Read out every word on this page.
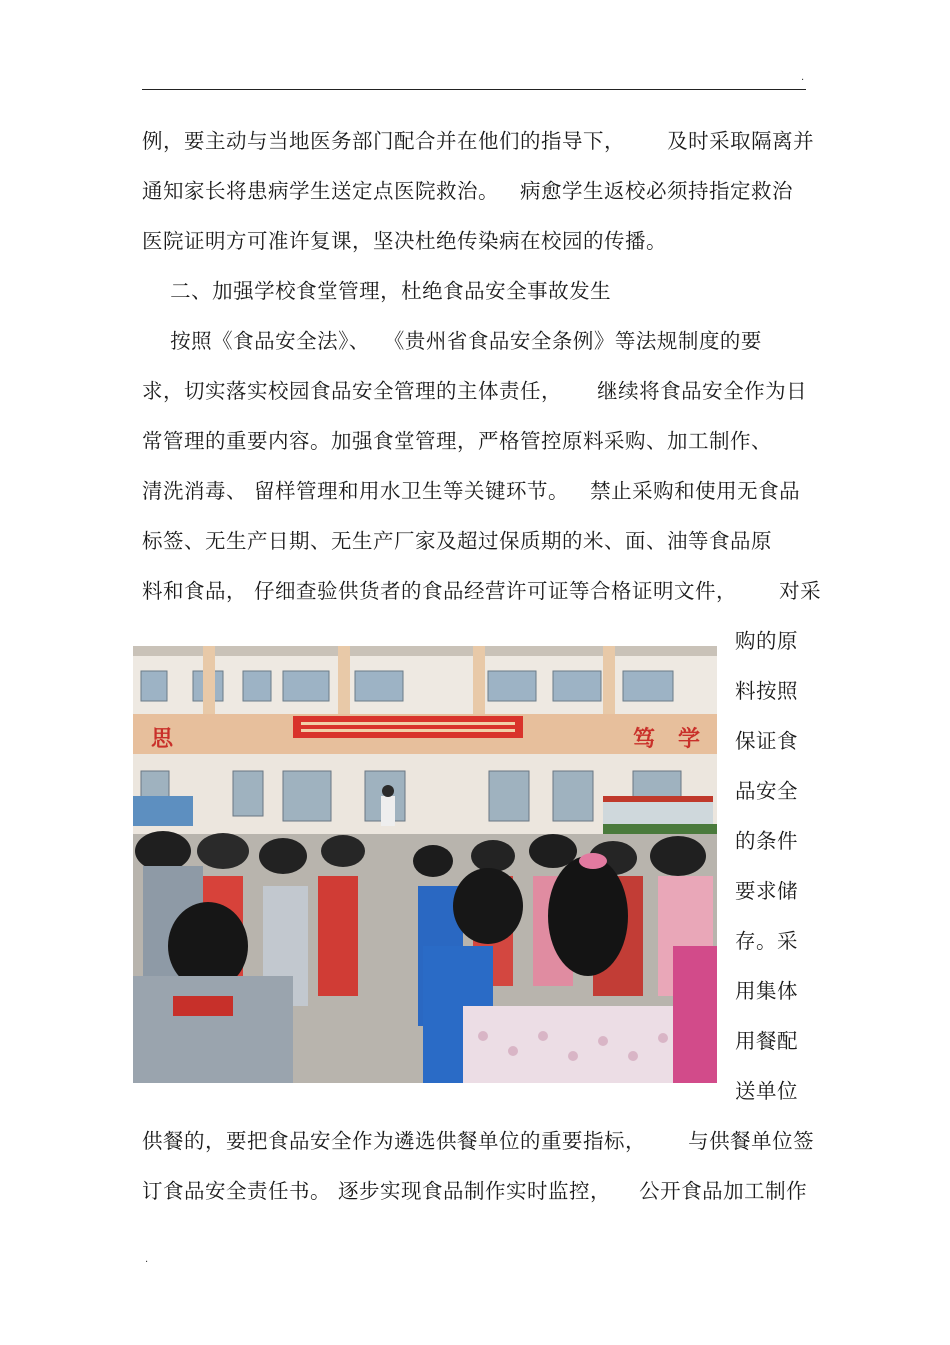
.
例，要主动与当地医务部门配合并在他们的指导下，      及时采取隔离并
通知家长将患病学生送定点医院救治。   病愈学生返校必须持指定救治
医院证明方可准许复课，坚决杜绝传染病在校园的传播。
二、加强学校食堂管理，杜绝食品安全事故发生
按照《食品安全法》、  《贵州省食品安全条例》等法规制度的要
求，切实落实校园食品安全管理的主体责任，     继续将食品安全作为日
常管理的重要内容。加强食堂管理，严格管控原料采购、加工制作、
清洗消毒、 留样管理和用水卫生等关键环节。   禁止采购和使用无食品
标签、无生产日期、无生产厂家及超过保质期的米、面、油等食品原
料和食品， 仔细查验供货者的食品经营许可证等合格证明文件，      对采
思	笃 学
购的原
料按照
保证食
品安全
的条件
要求储
存。采
用集体
用餐配
送单位
供餐的，要把食品安全作为遴选供餐单位的重要指标，      与供餐单位签
订食品安全责任书。 逐步实现食品制作实时监控，    公开食品加工制作
.
